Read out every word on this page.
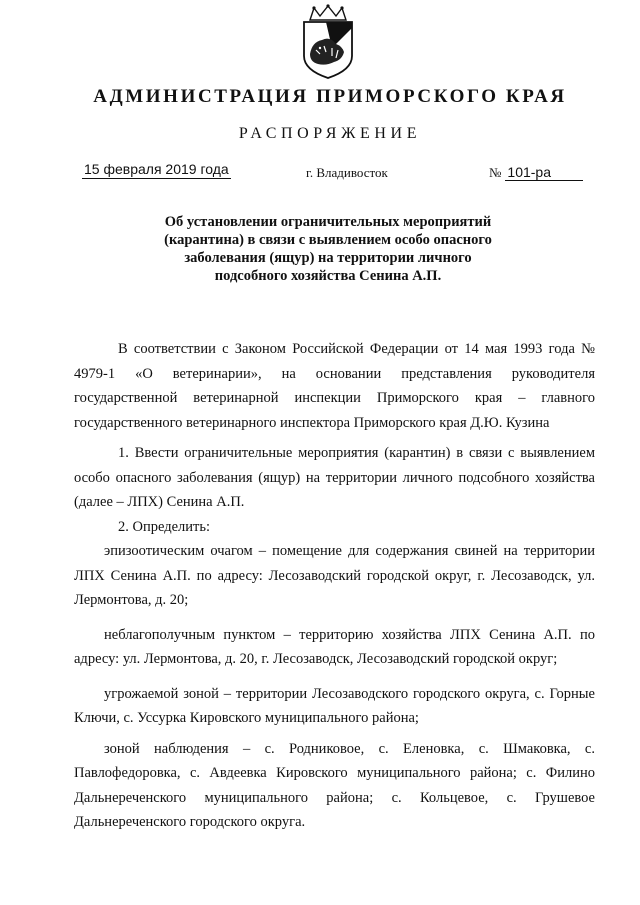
АДМИНИСТРАЦИЯ ПРИМОРСКОГО КРАЯ
РАСПОРЯЖЕНИЕ
15 февраля 2019 года	г. Владивосток	№ 101-ра
Об установлении ограничительных мероприятий
(карантина) в связи с выявлением особо опасного
заболевания (ящур) на территории личного
подсобного хозяйства Сенина А.П.

В соответствии с Законом Российской Федерации от 14 мая 1993 года № 4979-1 «О ветеринарии», на основании представления руководителя государственной ветеринарной инспекции Приморского края – главного государственного ветеринарного инспектора Приморского края Д.Ю. Кузина

1. Ввести ограничительные мероприятия (карантин) в связи с выявлением особо опасного заболевания (ящур) на территории личного подсобного хозяйства (далее – ЛПХ) Сенина А.П.

2. Определить:

эпизоотическим очагом – помещение для содержания свиней на территории ЛПХ Сенина А.П. по адресу: Лесозаводский городской округ, г. Лесозаводск, ул. Лермонтова, д. 20;

неблагополучным пунктом – территорию хозяйства ЛПХ Сенина А.П. по адресу: ул. Лермонтова, д. 20, г. Лесозаводск, Лесозаводский городской округ;

угрожаемой зоной – территории Лесозаводского городского округа, с. Горные Ключи, с. Уссурка Кировского муниципального района;

зоной наблюдения – с. Родниковое, с. Еленовка, с. Шмаковка, с. Павлофедоровка, с. Авдеевка Кировского муниципального района; с. Филино Дальнереченского муниципального района; с. Кольцевое, с. Грушевое Дальнереченского городского округа.
